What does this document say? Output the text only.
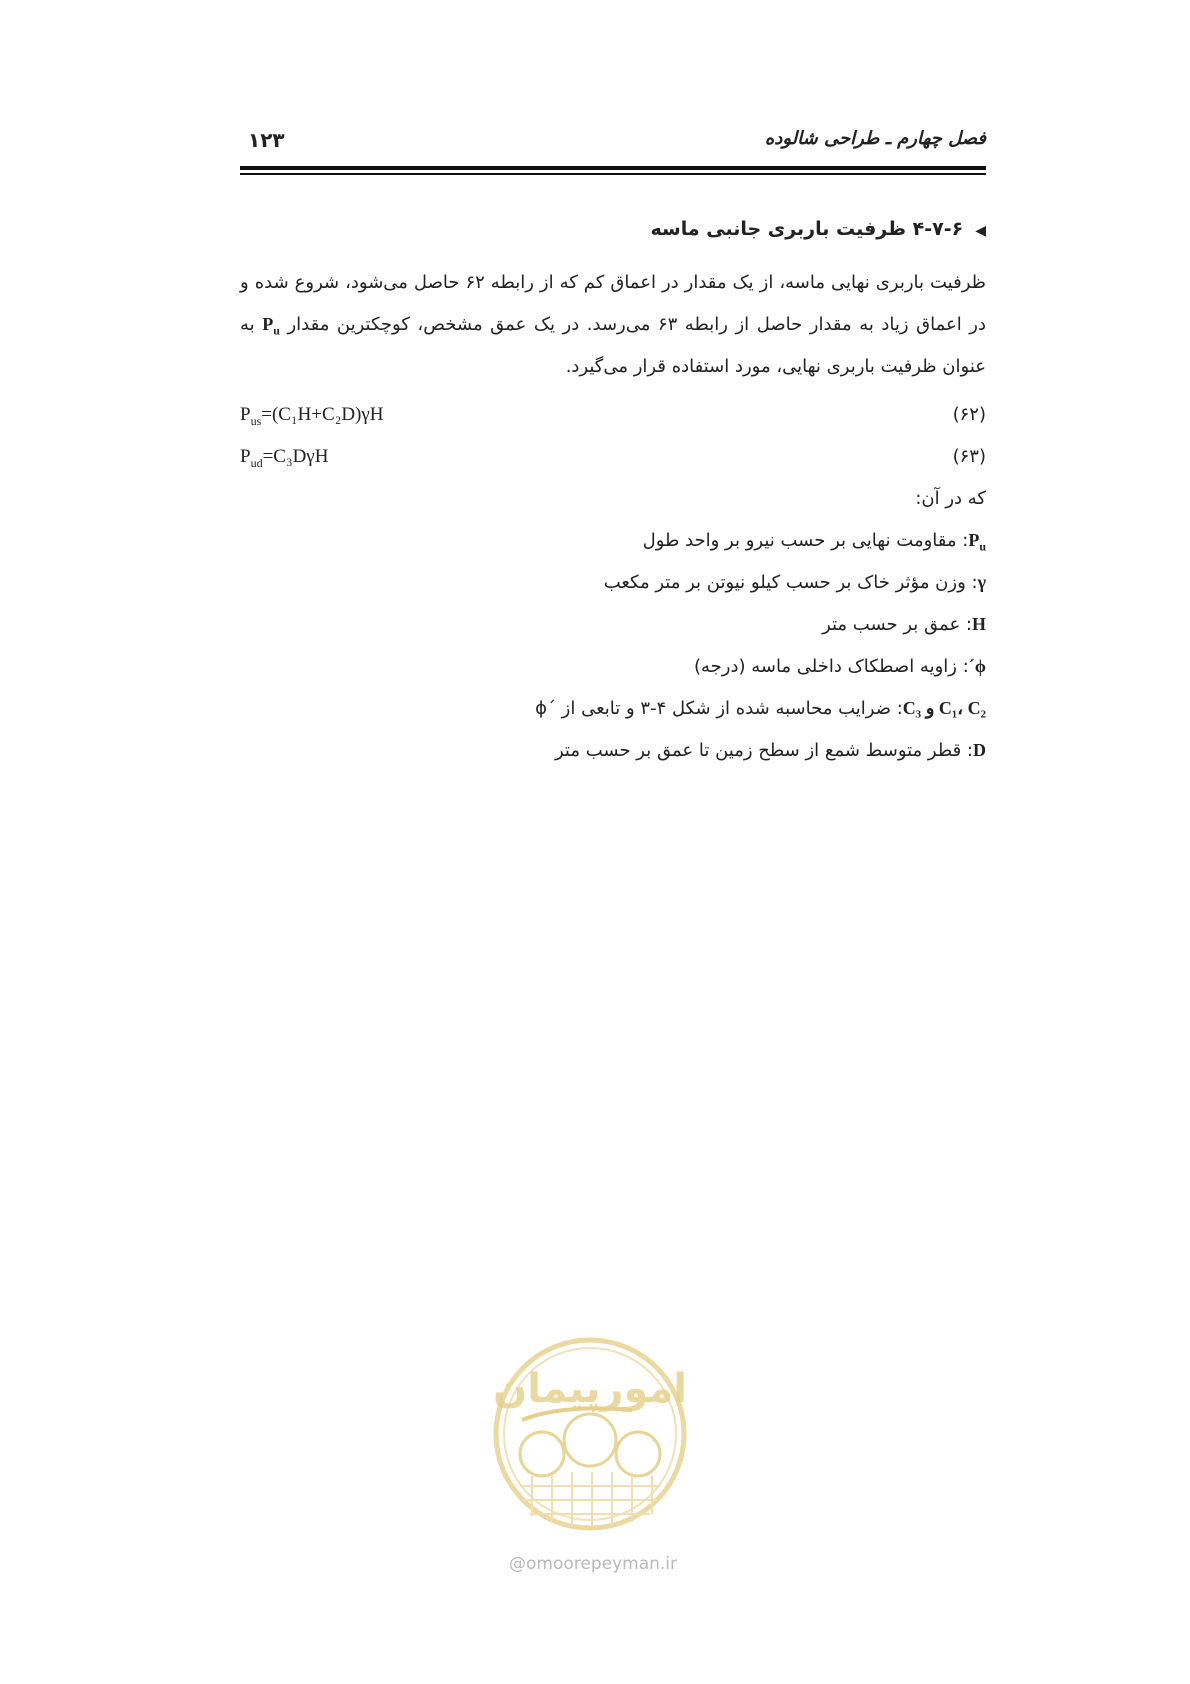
فصل چهارم ـ طراحی شالوده
۱۲۳
◀۴-۷-۶ ظرفیت باربری جانبی ماسه
ظرفیت باربری نهایی ماسه، از یک مقدار در اعماق کم که از رابطه ۶۲ حاصل می‌شود، شروع شده و
در اعماق زیاد به مقدار حاصل از رابطه ۶۳ می‌رسد. در یک عمق مشخص، کوچکترین مقدار $P_u$ به
عنوان ظرفیت باربری نهایی، مورد استفاده قرار می‌گیرد.
$P_{us}=(C_1H+C_2D)\gamma H$	(۶۲)
$P_{ud}=C_3D\gamma H$	(۶۳)
که در آن:
$P_u$: مقاومت نهایی بر حسب نیرو بر واحد طول
γ: وزن مؤثر خاک بر حسب کیلو نیوتن بر متر مکعب
H: عمق بر حسب متر
ϕ´: زاویه اصطکاک داخلی ماسه (درجه)
C₁، C₂ و C₃: ضرایب محاسبه شده از شکل ۴-۳ و تابعی از ´ϕ
D: قطر متوسط شمع از سطح زمین تا عمق بر حسب متر
امورپیمان
@omoorepeyman.ir
